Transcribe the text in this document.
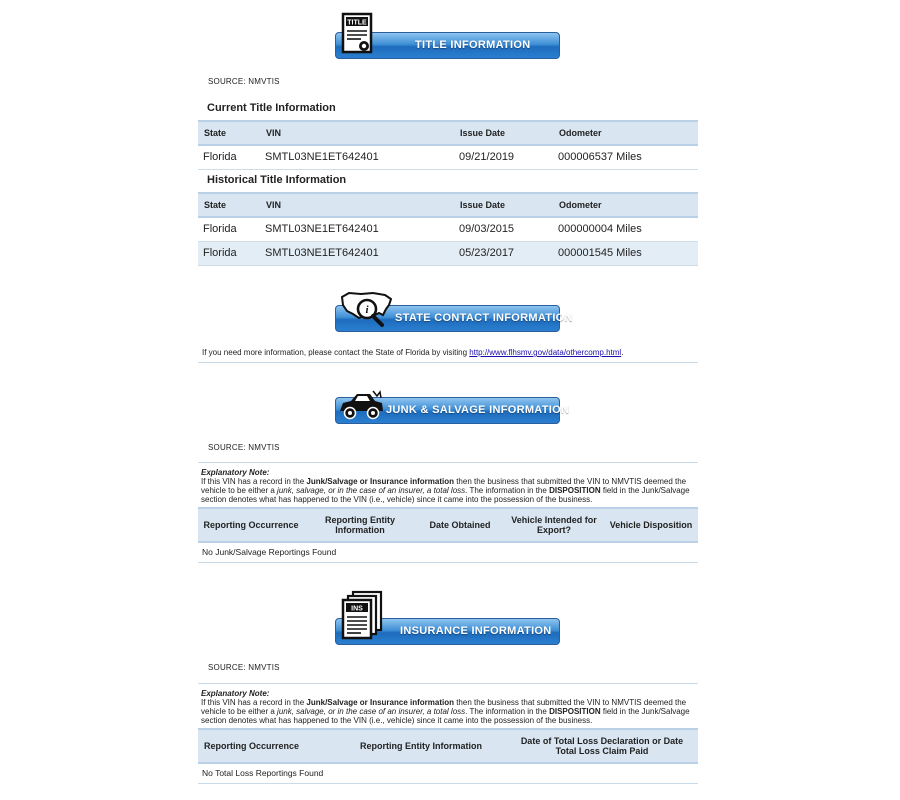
TITLE INFORMATION
TITLE
SOURCE: NMVTIS
Current Title Information
State	VIN	Issue Date	Odometer
Florida	SMTL03NE1ET642401	09/21/2019	000006537 Miles
Historical Title Information
State	VIN	Issue Date	Odometer
Florida	SMTL03NE1ET642401	09/03/2015	000000004 Miles
Florida	SMTL03NE1ET642401	05/23/2017	000001545 Miles
STATE CONTACT INFORMATION
i
If you need more information, please contact the State of Florida by visiting http://www.flhsmv.gov/data/othercomp.html.
JUNK & SALVAGE INFORMATION
SOURCE: NMVTIS
Explanatory Note:
If this VIN has a record in the Junk/Salvage or Insurance information then the business that submitted the VIN to NMVTIS deemed the vehicle to be either a junk, salvage, or in the case of an insurer, a total loss. The information in the DISPOSITION field in the Junk/Salvage section denotes what has happened to the VIN (i.e., vehicle) since it came into the possession of the business.
Reporting Occurrence	Reporting Entity Information	Date Obtained	Vehicle Intended for Export?	Vehicle Disposition
No Junk/Salvage Reportings Found
INSURANCE INFORMATION
INS
SOURCE: NMVTIS
Explanatory Note:
If this VIN has a record in the Junk/Salvage or Insurance information then the business that submitted the VIN to NMVTIS deemed the vehicle to be either a junk, salvage, or in the case of an insurer, a total loss. The information in the DISPOSITION field in the Junk/Salvage section denotes what has happened to the VIN (i.e., vehicle) since it came into the possession of the business.
Reporting Occurrence	Reporting Entity Information	Date of Total Loss Declaration or Date Total Loss Claim Paid
No Total Loss Reportings Found
